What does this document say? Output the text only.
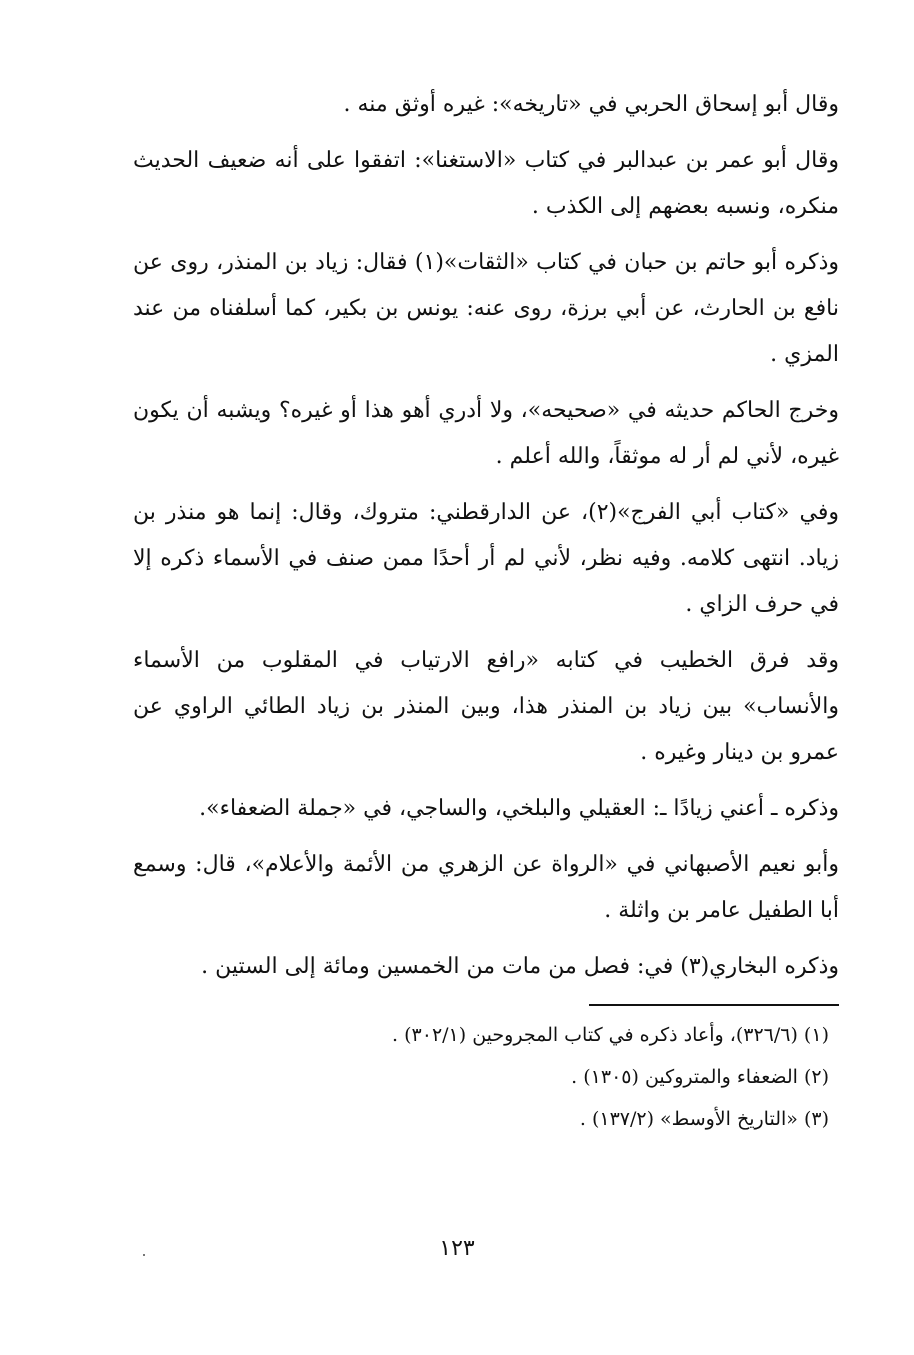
وقال أبو إسحاق الحربي في «تاريخه»: غيره أوثق منه .

وقال أبو عمر بن عبدالبر في كتاب «الاستغنا»: اتفقوا على أنه ضعيف الحديث منكره، ونسبه بعضهم إلى الكذب .

وذكره أبو حاتم بن حبان في كتاب «الثقات»(١) فقال: زياد بن المنذر، روى عن نافع بن الحارث، عن أبي برزة، روى عنه: يونس بن بكير، كما أسلفناه من عند المزي .

وخرج الحاكم حديثه في «صحيحه»، ولا أدري أهو هذا أو غيره؟ ويشبه أن يكون غيره، لأني لم أر له موثقاً، والله أعلم .

وفي «كتاب أبي الفرج»(٢)، عن الدارقطني: متروك، وقال: إنما هو منذر بن زياد. انتهى كلامه. وفيه نظر، لأني لم أر أحدًا ممن صنف في الأسماء ذكره إلا في حرف الزاي .

وقد فرق الخطيب في كتابه «رافع الارتياب في المقلوب من الأسماء والأنساب» بين زياد بن المنذر هذا، وبين المنذر بن زياد الطائي الراوي عن عمرو بن دينار وغيره .

وذكره ـ أعني زيادًا ـ: العقيلي والبلخي، والساجي، في «جملة الضعفاء».

وأبو نعيم الأصبهاني في «الرواة عن الزهري من الأئمة والأعلام»، قال: وسمع أبا الطفيل عامر بن واثلة .

وذكره البخاري(٣) في: فصل من مات من الخمسين ومائة إلى الستين .

(١) (٣٢٦/٦)، وأعاد ذكره في كتاب المجروحين (٣٠٢/١) .
(٢) الضعفاء والمتروكين (١٣٠٥) .
(٣) «التاريخ الأوسط» (١٣٧/٢) .
١٢٣
